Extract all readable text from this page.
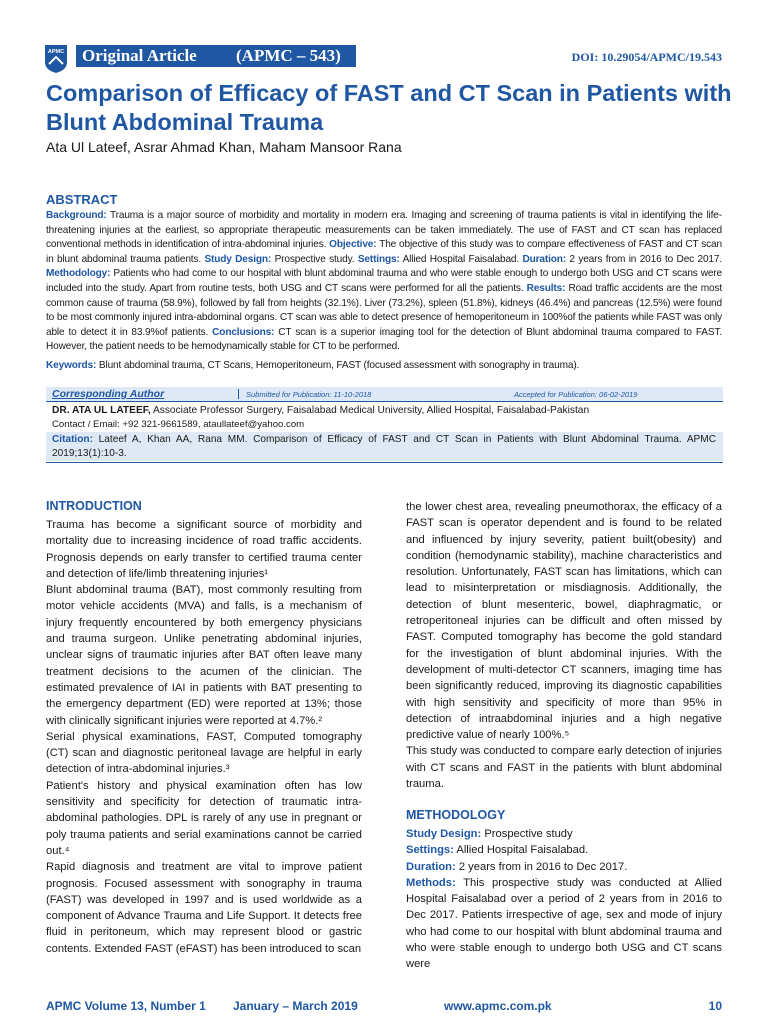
APMC Original Article (APMC – 543)	DOI: 10.29054/APMC/19.543
Comparison of Efficacy of FAST and CT Scan in Patients with Blunt Abdominal Trauma
Ata Ul Lateef, Asrar Ahmad Khan, Maham Mansoor Rana
ABSTRACT
Background: Trauma is a major source of morbidity and mortality in modern era. Imaging and screening of trauma patients is vital in identifying the life-threatening injuries at the earliest, so appropriate therapeutic measurements can be taken immediately. The use of FAST and CT scan has replaced conventional methods in identification of intra-abdominal injuries. Objective: The objective of this study was to compare effectiveness of FAST and CT scan in blunt abdominal trauma patients. Study Design: Prospective study. Settings: Allied Hospital Faisalabad. Duration: 2 years from in 2016 to Dec 2017. Methodology: Patients who had come to our hospital with blunt abdominal trauma and who were stable enough to undergo both USG and CT scans were included into the study. Apart from routine tests, both USG and CT scans were performed for all the patients. Results: Road traffic accidents are the most common cause of trauma (58.9%), followed by fall from heights (32.1%). Liver (73.2%), spleen (51.8%), kidneys (46.4%) and pancreas (12.5%) were found to be most commonly injured intra-abdominal organs. CT scan was able to detect presence of hemoperitoneum in 100%of the patients while FAST was only able to detect it in 83.9%of patients. Conclusions: CT scan is a superior imaging tool for the detection of Blunt abdominal trauma compared to FAST. However, the patient needs to be hemodynamically stable for CT to be performed.
Keywords: Blunt abdominal trauma, CT Scans, Hemoperitoneum, FAST (focused assessment with sonography in trauma).
Corresponding Author	Submitted for Publication: 11-10-2018	Accepted for Publication: 06-02-2019
DR. ATA UL LATEEF, Associate Professor Surgery, Faisalabad Medical University, Allied Hospital, Faisalabad-Pakistan
Contact / Email: +92 321-9661589, ataullateef@yahoo.com
Citation: Lateef A, Khan AA, Rana MM. Comparison of Efficacy of FAST and CT Scan in Patients with Blunt Abdominal Trauma. APMC 2019;13(1):10-3.
INTRODUCTION

Trauma has become a significant source of morbidity and mortality due to increasing incidence of road traffic accidents. Prognosis depends on early transfer to certified trauma center and detection of life/limb threatening injuries¹

Blunt abdominal trauma (BAT), most commonly resulting from motor vehicle accidents (MVA) and falls, is a mechanism of injury frequently encountered by both emergency physicians and trauma surgeon. Unlike penetrating abdominal injuries, unclear signs of traumatic injuries after BAT often leave many treatment decisions to the acumen of the clinician. The estimated prevalence of IAI in patients with BAT presenting to the emergency department (ED) were reported at 13%; those with clinically significant injuries were reported at 4.7%.²

Serial physical examinations, FAST, Computed tomography (CT) scan and diagnostic peritoneal lavage are helpful in early detection of intra-abdominal injuries.³

Patient's history and physical examination often has low sensitivity and specificity for detection of traumatic intra-abdominal pathologies. DPL is rarely of any use in pregnant or poly trauma patients and serial examinations cannot be carried out.⁴

Rapid diagnosis and treatment are vital to improve patient prognosis. Focused assessment with sonography in trauma (FAST) was developed in 1997 and is used worldwide as a component of Advance Trauma and Life Support. It detects free fluid in peritoneum, which may represent blood or gastric contents. Extended FAST (eFAST) has been introduced to scan

the lower chest area, revealing pneumothorax, the efficacy of a FAST scan is operator dependent and is found to be related and influenced by injury severity, patient built(obesity) and condition (hemodynamic stability), machine characteristics and resolution. Unfortunately, FAST scan has limitations, which can lead to misinterpretation or misdiagnosis. Additionally, the detection of blunt mesenteric, bowel, diaphragmatic, or retroperitoneal injuries can be difficult and often missed by FAST. Computed tomography has become the gold standard for the investigation of blunt abdominal injuries. With the development of multi-detector CT scanners, imaging time has been significantly reduced, improving its diagnostic capabilities with high sensitivity and specificity of more than 95% in detection of intraabdominal injuries and a high negative predictive value of nearly 100%.⁵

This study was conducted to compare early detection of injuries with CT scans and FAST in the patients with blunt abdominal trauma.

METHODOLOGY

Study Design: Prospective study

Settings: Allied Hospital Faisalabad.

Duration: 2 years from in 2016 to Dec 2017.

Methods: This prospective study was conducted at Allied Hospital Faisalabad over a period of 2 years from in 2016 to Dec 2017. Patients irrespective of age, sex and mode of injury who had come to our hospital with blunt abdominal trauma and who were stable enough to undergo both USG and CT scans were

APMC Volume 13, Number 1 January – March 2019	www.apmc.com.pk	10
